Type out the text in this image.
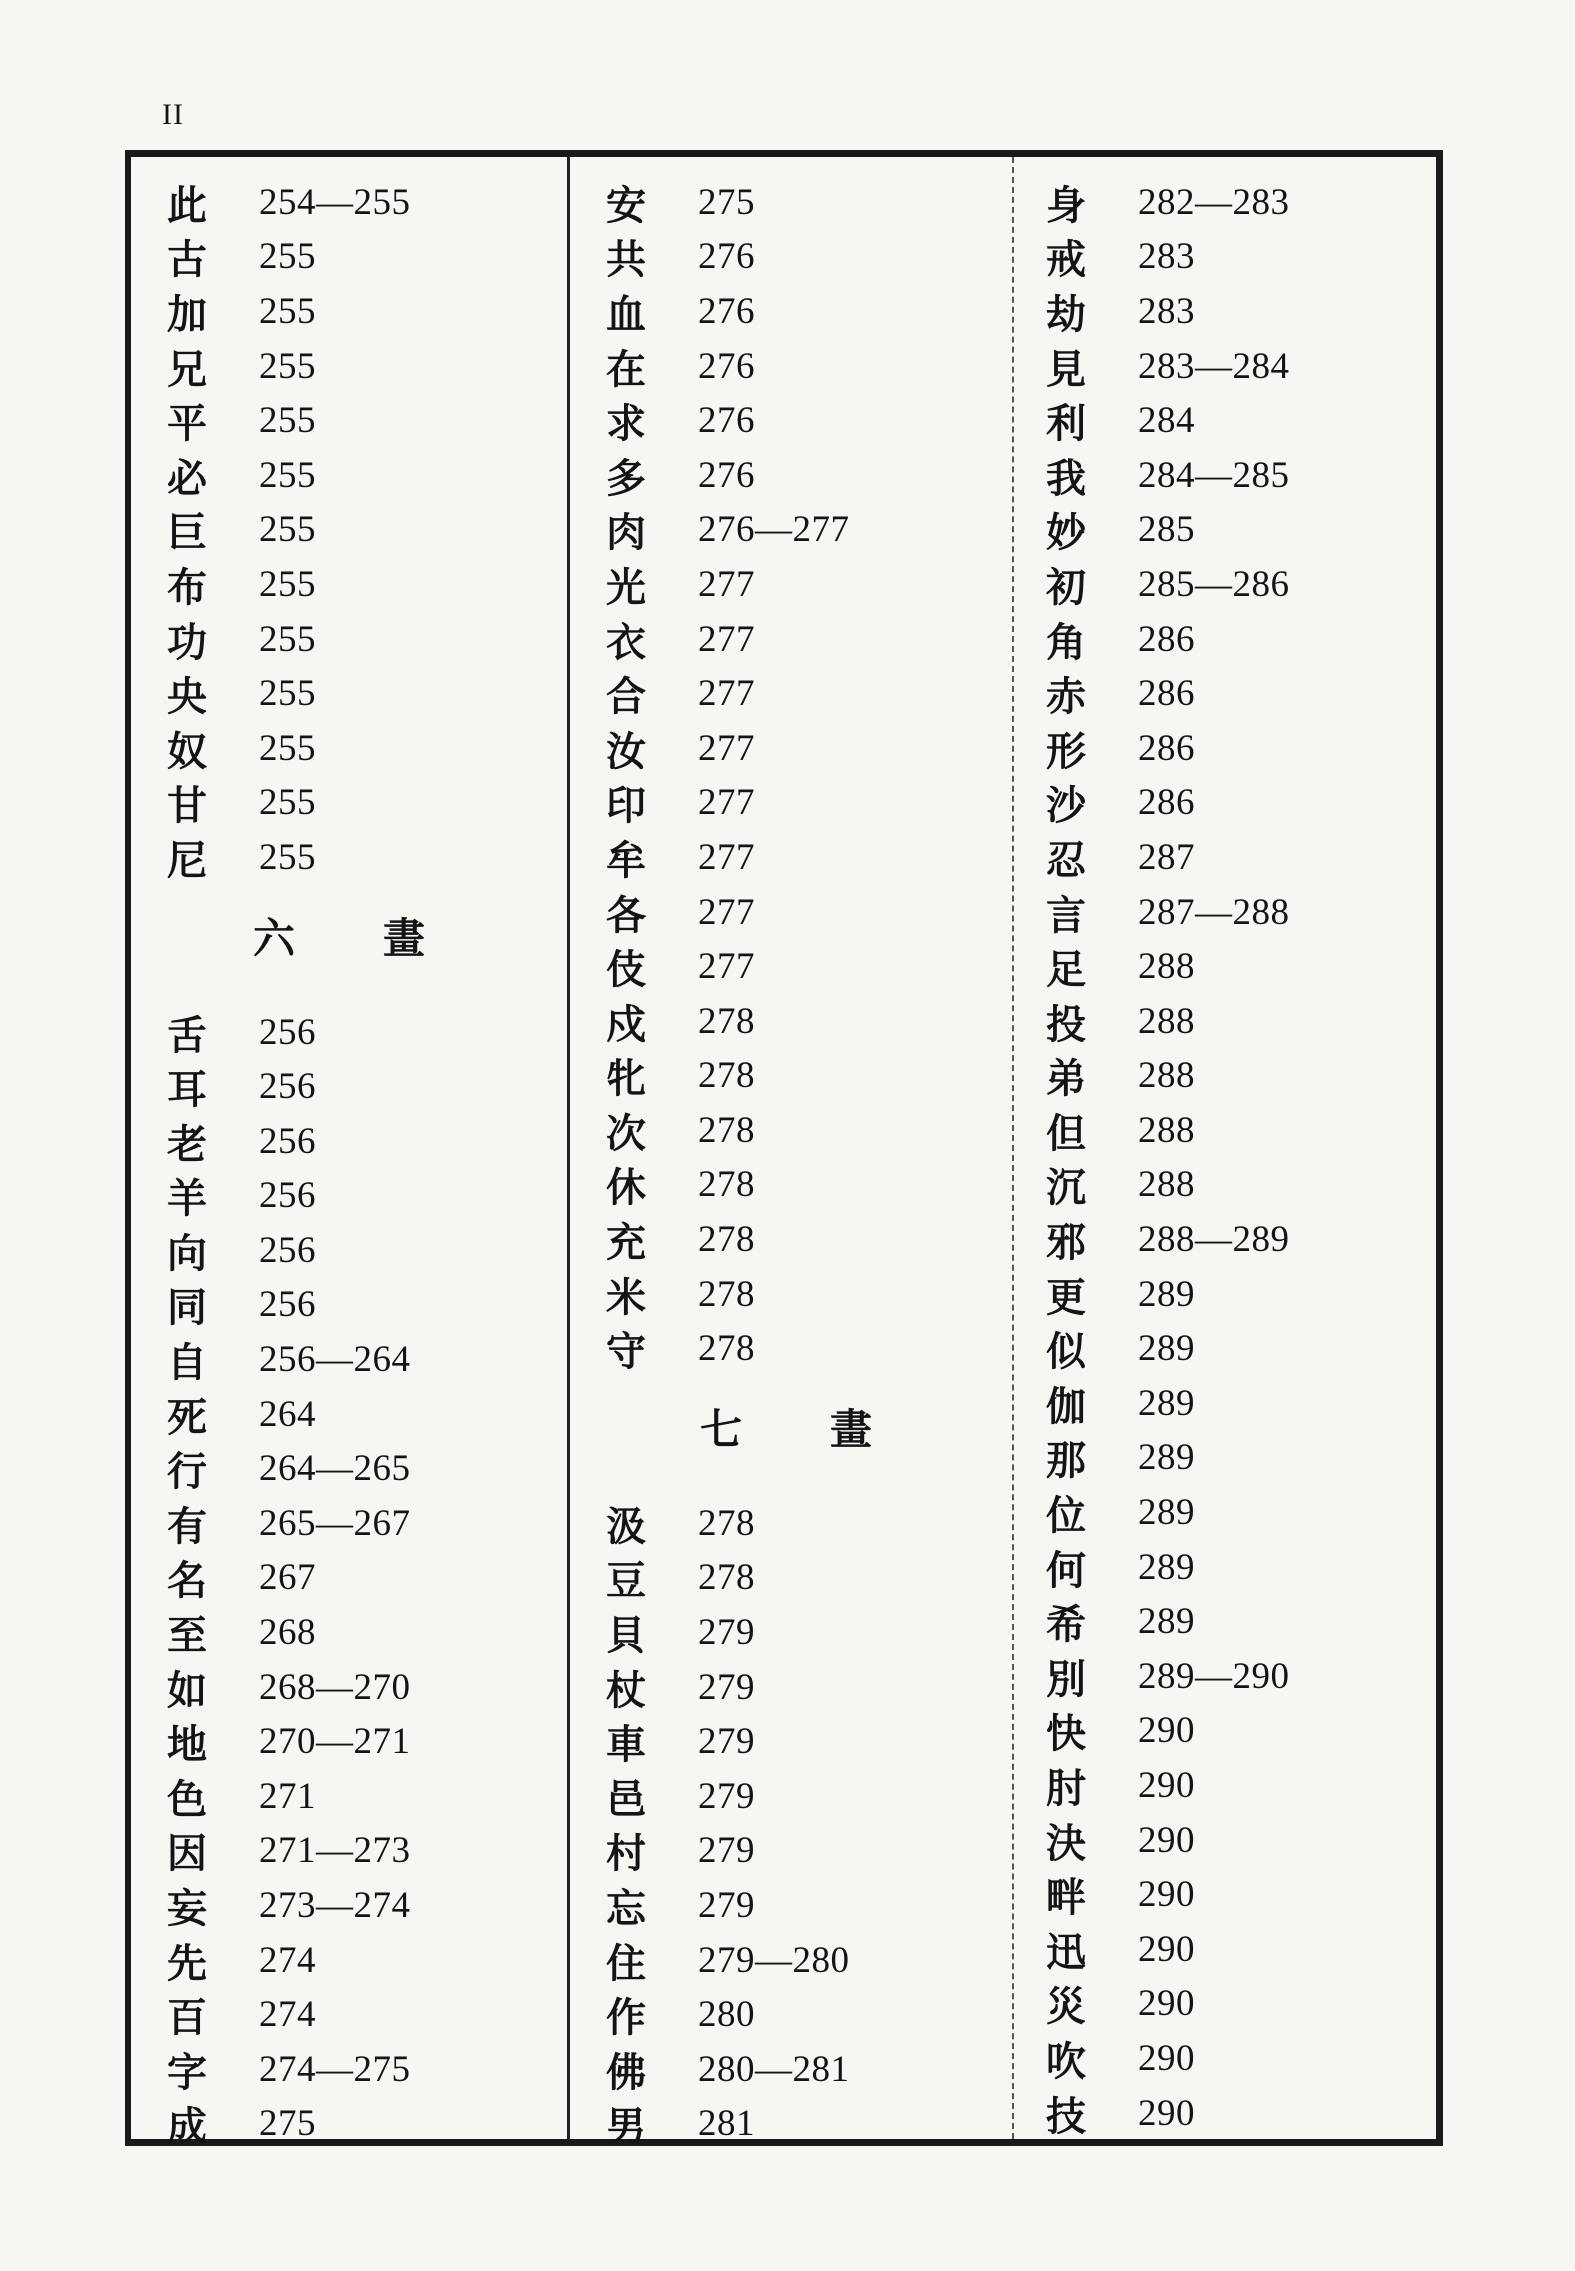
II
此	254—255
古	255
加	255
兄	255
平	255
必	255
巨	255
布	255
功	255
央	255
奴	255
甘	255
尼	255
六	畫
舌	256
耳	256
老	256
羊	256
向	256
同	256
自	256—264
死	264
行	264—265
有	265—267
名	267
至	268
如	268—270
地	270—271
色	271
因	271—273
妄	273—274
先	274
百	274
字	274—275
成	275
安	275
共	276
血	276
在	276
求	276
多	276
肉	276—277
光	277
衣	277
合	277
汝	277
印	277
牟	277
各	277
伎	277
戍	278
牝	278
次	278
休	278
充	278
米	278
守	278
七	畫
汲	278
豆	278
貝	279
杖	279
車	279
邑	279
村	279
忘	279
住	279—280
作	280
佛	280—281
男	281
身	282—283
戒	283
劫	283
見	283—284
利	284
我	284—285
妙	285
初	285—286
角	286
赤	286
形	286
沙	286
忍	287
言	287—288
足	288
投	288
弟	288
但	288
沉	288
邪	288—289
更	289
似	289
伽	289
那	289
位	289
何	289
希	289
別	289—290
快	290
肘	290
決	290
畔	290
迅	290
災	290
吹	290
技	290
